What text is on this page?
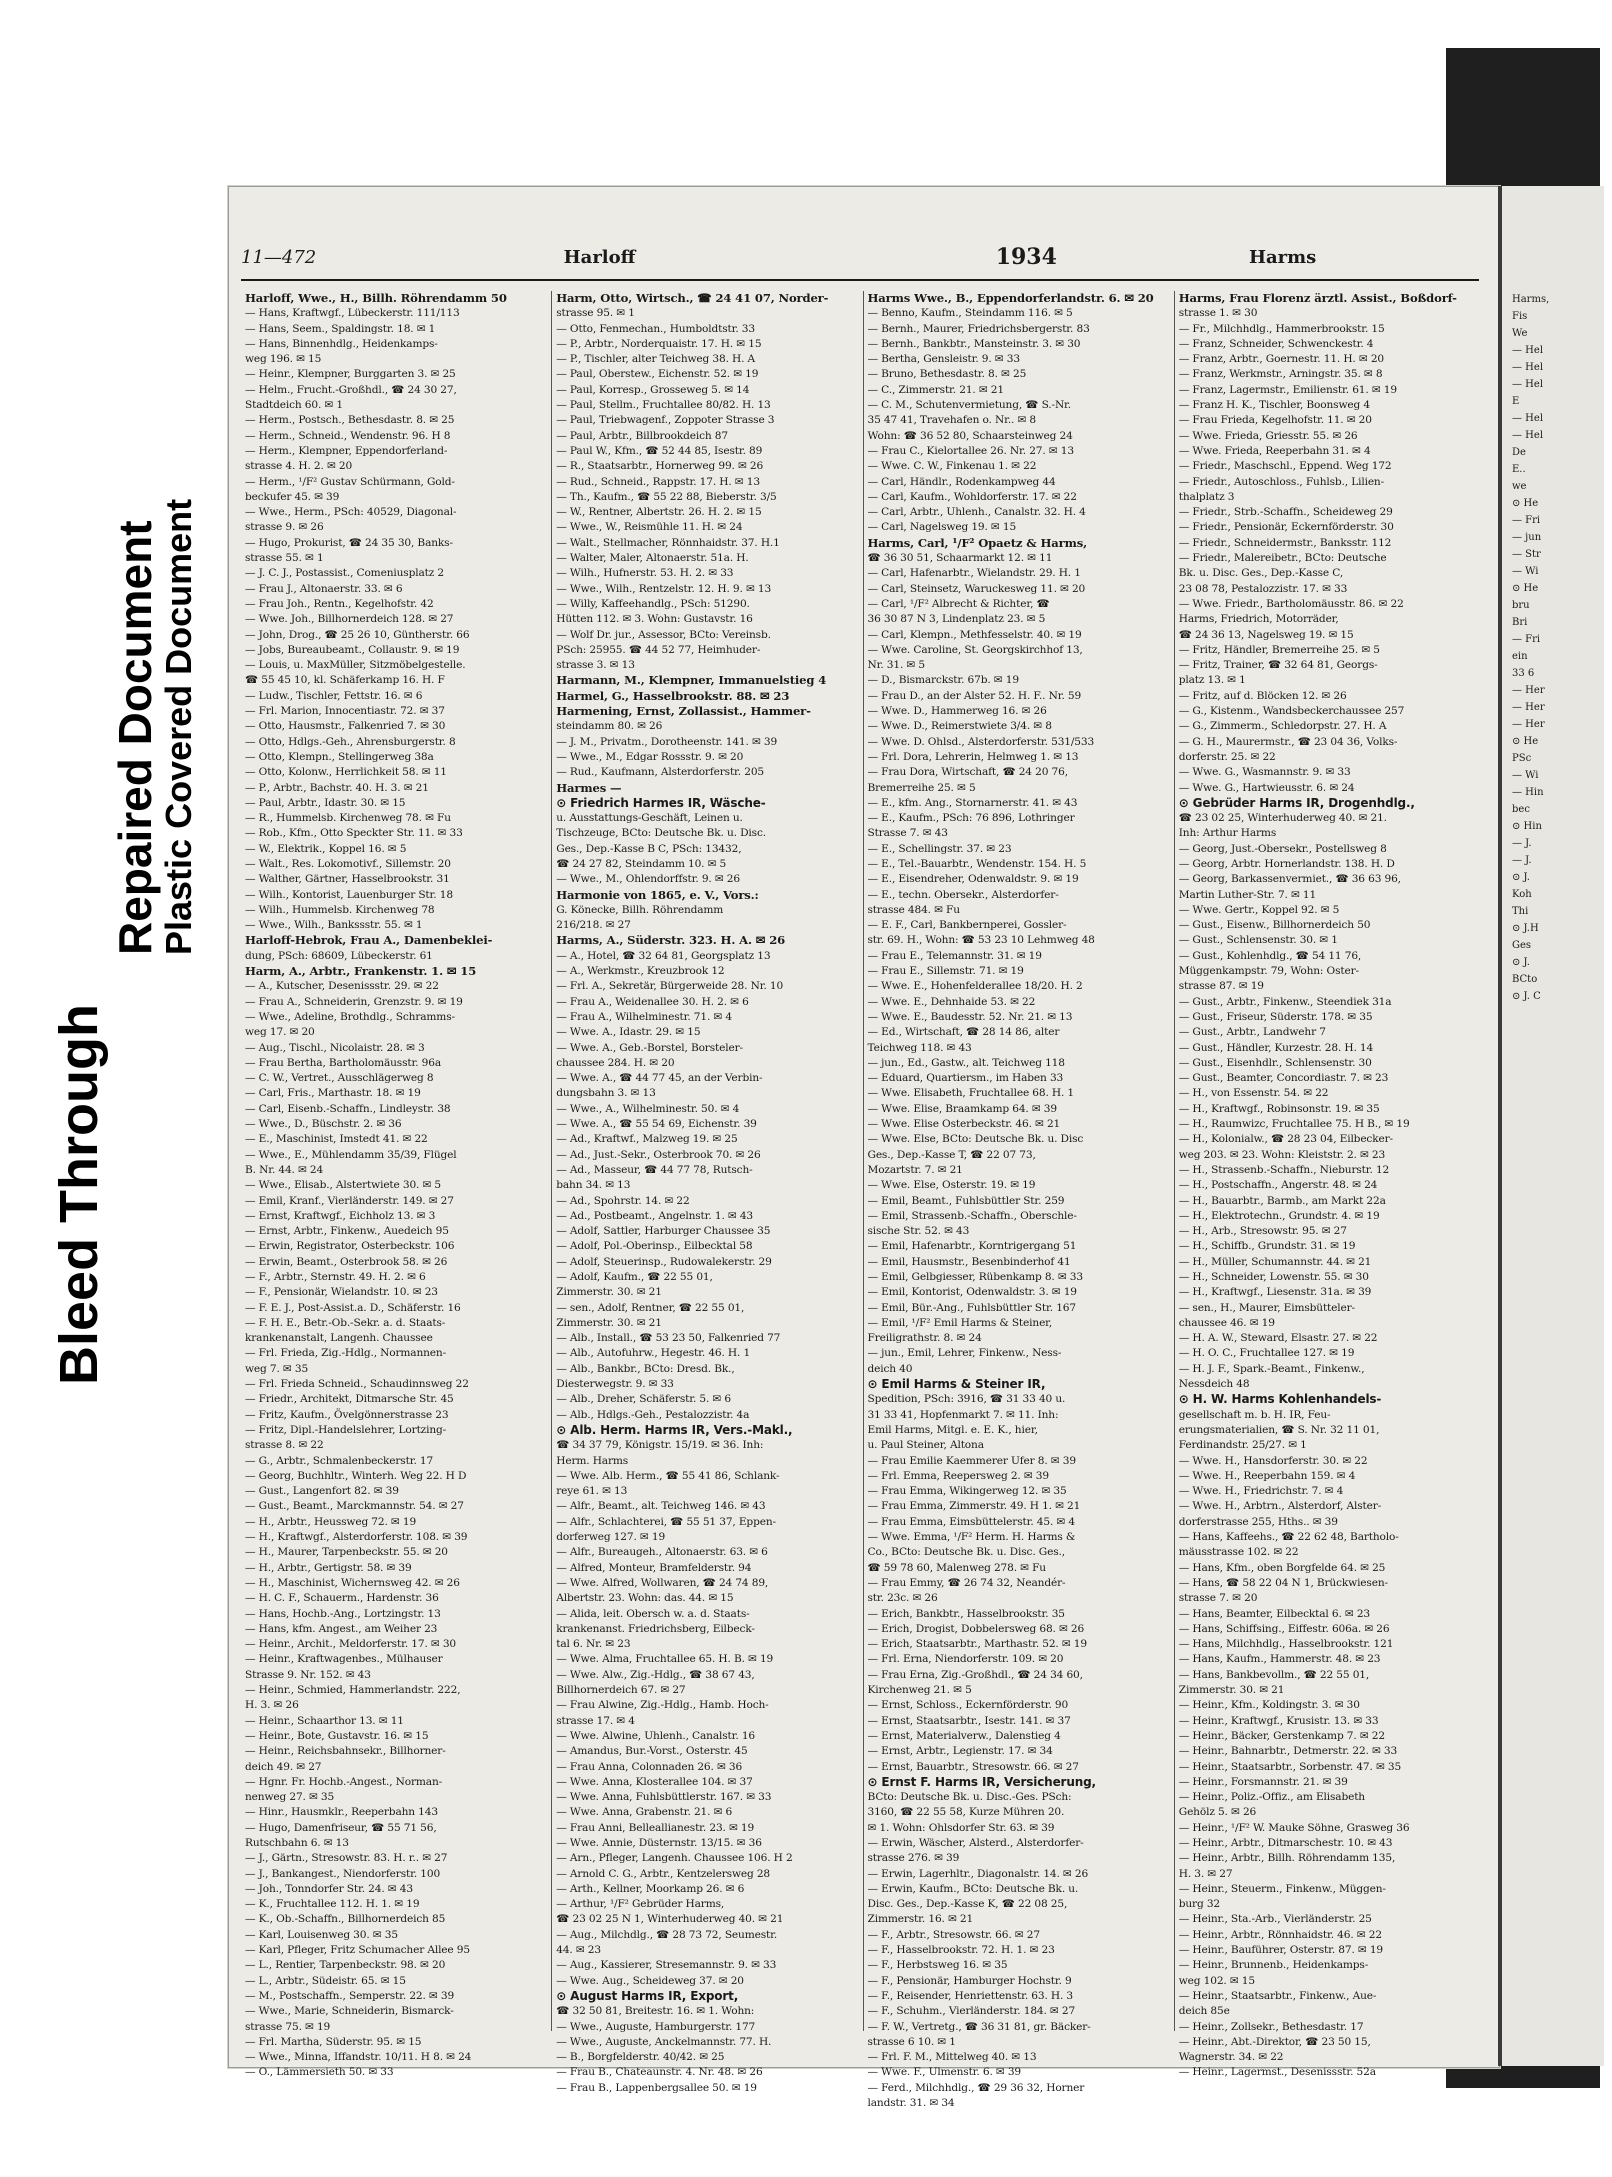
Bleed Through
Repaired Document
Plastic Covered Document
11—472	Harloff	1934	Harms
Harloff, Wwe., H., Billh. Röhrendamm 50
— Hans, Kraftwgf., Lübeckerstr. 111/113
— Hans, Seem., Spaldingstr. 18. ✉ 1
— Hans, Binnenhdlg., Heidenkamps-
weg 196. ✉ 15
— Heinr., Klempner, Burggarten 3. ✉ 25
— Helm., Frucht.-Großhdl., ☎ 24 30 27,
Stadtdeich 60. ✉ 1
— Herm., Postsch., Bethesdastr. 8. ✉ 25
— Herm., Schneid., Wendenstr. 96. H 8
— Herm., Klempner, Eppendorferland-
strasse 4. H. 2. ✉ 20
— Herm., ¹/F² Gustav Schürmann, Gold-
beckufer 45. ✉ 39
— Wwe., Herm., PSch: 40529, Diagonal-
strasse 9. ✉ 26
— Hugo, Prokurist, ☎ 24 35 30, Banks-
strasse 55. ✉ 1
— J. C. J., Postassist., Comeniusplatz 2
— Frau J., Altonaerstr. 33. ✉ 6
— Frau Joh., Rentn., Kegelhofstr. 42
— Wwe. Joh., Billhornerdeich 128. ✉ 27
— John, Drog., ☎ 25 26 10, Güntherstr. 66
— Jobs, Bureaubeamt., Collaustr. 9. ✉ 19
— Louis, u. MaxMüller, Sitzmöbelgestelle.
☎ 55 45 10, kl. Schäferkamp 16. H. F
— Ludw., Tischler, Fettstr. 16. ✉ 6
— Frl. Marion, Innocentiastr. 72. ✉ 37
— Otto, Hausmstr., Falkenried 7. ✉ 30
— Otto, Hdlgs.-Geh., Ahrensburgerstr. 8
— Otto, Klempn., Stellingerweg 38a
— Otto, Kolonw., Herrlichkeit 58. ✉ 11
— P., Arbtr., Bachstr. 40. H. 3. ✉ 21
— Paul, Arbtr., Idastr. 30. ✉ 15
— R., Hummelsb. Kirchenweg 78. ✉ Fu
— Rob., Kfm., Otto Speckter Str. 11. ✉ 33
— W., Elektrik., Koppel 16. ✉ 5
— Walt., Res. Lokomotivf., Sillemstr. 20
— Walther, Gärtner, Hasselbrookstr. 31
— Wilh., Kontorist, Lauenburger Str. 18
— Wilh., Hummelsb. Kirchenweg 78
— Wwe., Wilh., Bankssstr. 55. ✉ 1
Harloff-Hebrok, Frau A., Damenbeklei-
dung, PSch: 68609, Lübeckerstr. 61
Harm, A., Arbtr., Frankenstr. 1. ✉ 15
— A., Kutscher, Desenissstr. 29. ✉ 22
— Frau A., Schneiderin, Grenzstr. 9. ✉ 19
— Wwe., Adeline, Brothdlg., Schramms-
weg 17. ✉ 20
— Aug., Tischl., Nicolaistr. 28. ✉ 3
— Frau Bertha, Bartholomäusstr. 96a
— C. W., Vertret., Ausschlägerweg 8
— Carl, Fris., Marthastr. 18. ✉ 19
— Carl, Eisenb.-Schaffn., Lindleystr. 38
— Wwe., D., Büschstr. 2. ✉ 36
— E., Maschinist, Imstedt 41. ✉ 22
— Wwe., E., Mühlendamm 35/39, Flügel
B. Nr. 44. ✉ 24
— Wwe., Elisab., Alstertwiete 30. ✉ 5
— Emil, Kranf., Vierländerstr. 149. ✉ 27
— Ernst, Kraftwgf., Eichholz 13. ✉ 3
— Ernst, Arbtr., Finkenw., Auedeich 95
— Erwin, Registrator, Osterbeckstr. 106
— Erwin, Beamt., Osterbrook 58. ✉ 26
— F., Arbtr., Sternstr. 49. H. 2. ✉ 6
— F., Pensionär, Wielandstr. 10. ✉ 23
— F. E. J., Post-Assist.a. D., Schäferstr. 16
— F. H. E., Betr.-Ob.-Sekr. a. d. Staats-
krankenanstalt, Langenh. Chaussee
— Frl. Frieda, Zig.-Hdlg., Normannen-
weg 7. ✉ 35
— Frl. Frieda Schneid., Schaudinnsweg 22
— Friedr., Architekt, Ditmarsche Str. 45
— Fritz, Kaufm., Övelgönnerstrasse 23
— Fritz, Dipl.-Handelslehrer, Lortzing-
strasse 8. ✉ 22
— G., Arbtr., Schmalenbeckerstr. 17
— Georg, Buchhltr., Winterh. Weg 22. H D
— Gust., Langenfort 82. ✉ 39
— Gust., Beamt., Marckmannstr. 54. ✉ 27
— H., Arbtr., Heussweg 72. ✉ 19
— H., Kraftwgf., Alsterdorferstr. 108. ✉ 39
— H., Maurer, Tarpenbeckstr. 55. ✉ 20
— H., Arbtr., Gertigstr. 58. ✉ 39
— H., Maschinist, Wichernsweg 42. ✉ 26
— H. C. F., Schauerm., Hardenstr. 36
— Hans, Hochb.-Ang., Lortzingstr. 13
— Hans, kfm. Angest., am Weiher 23
— Heinr., Archit., Meldorferstr. 17. ✉ 30
— Heinr., Kraftwagenbes., Mülhauser
Strasse 9. Nr. 152. ✉ 43
— Heinr., Schmied, Hammerlandstr. 222,
H. 3. ✉ 26
— Heinr., Schaarthor 13. ✉ 11
— Heinr., Bote, Gustavstr. 16. ✉ 15
— Heinr., Reichsbahnsekr., Billhorner-
deich 49. ✉ 27
— Hgnr. Fr. Hochb.-Angest., Norman-
nenweg 27. ✉ 35
— Hinr., Hausmklr., Reeperbahn 143
— Hugo, Damenfriseur, ☎ 55 71 56,
Rutschbahn 6. ✉ 13
— J., Gärtn., Stresowstr. 83. H. r.. ✉ 27
— J., Bankangest., Niendorferstr. 100
— Joh., Tonndorfer Str. 24. ✉ 43
— K., Fruchtallee 112. H. 1. ✉ 19
— K., Ob.-Schaffn., Billhornerdeich 85
— Karl, Louisenweg 30. ✉ 35
— Karl, Pfleger, Fritz Schumacher Allee 95
— L., Rentier, Tarpenbeckstr. 98. ✉ 20
— L., Arbtr., Südeistr. 65. ✉ 15
— M., Postschaffn., Semperstr. 22. ✉ 39
— Wwe., Marie, Schneiderin, Bismarck-
strasse 75. ✉ 19
— Frl. Martha, Süderstr. 95. ✉ 15
— Wwe., Minna, Iffandstr. 10/11. H 8. ✉ 24
— O., Lämmersieth 50. ✉ 33
Harm, Otto, Wirtsch., ☎ 24 41 07, Norder-
strasse 95. ✉ 1
— Otto, Fenmechan., Humboldtstr. 33
— P., Arbtr., Norderquaistr. 17. H. ✉ 15
— P., Tischler, alter Teichweg 38. H. A
— Paul, Oberstew., Eichenstr. 52. ✉ 19
— Paul, Korresp., Grosseweg 5. ✉ 14
— Paul, Stellm., Fruchtallee 80/82. H. 13
— Paul, Triebwagenf., Zoppoter Strasse 3
— Paul, Arbtr., Billbrookdeich 87
— Paul W., Kfm., ☎ 52 44 85, Isestr. 89
— R., Staatsarbtr., Hornerweg 99. ✉ 26
— Rud., Schneid., Rappstr. 17. H. ✉ 13
— Th., Kaufm., ☎ 55 22 88, Bieberstr. 3/5
— W., Rentner, Albertstr. 26. H. 2. ✉ 15
— Wwe., W., Reismühle 11. H. ✉ 24
— Walt., Stellmacher, Rönnhaidstr. 37. H.1
— Walter, Maler, Altonaerstr. 51a. H.
— Wilh., Hufnerstr. 53. H. 2. ✉ 33
— Wwe., Wilh., Rentzelstr. 12. H. 9. ✉ 13
— Willy, Kaffeehandlg., PSch: 51290.
Hütten 112. ✉ 3. Wohn: Gustavstr. 16
— Wolf Dr. jur., Assessor, BCto: Vereinsb.
PSch: 25955. ☎ 44 52 77, Heimhuder-
strasse 3. ✉ 13
Harmann, M., Klempner, Immanuelstieg 4
Harmel, G., Hasselbrookstr. 88. ✉ 23
Harmening, Ernst, Zollassist., Hammer-
steindamm 80. ✉ 26
— J. M., Privatm., Dorotheenstr. 141. ✉ 39
— Wwe., M., Edgar Rossstr. 9. ✉ 20
— Rud., Kaufmann, Alsterdorferstr. 205
Harmes —
⊙ Friedrich Harmes IR, Wäsche-
u. Ausstattungs-Geschäft, Leinen u.
Tischzeuge, BCto: Deutsche Bk. u. Disc.
Ges., Dep.-Kasse B C, PSch: 13432,
☎ 24 27 82, Steindamm 10. ✉ 5
— Wwe., M., Ohlendorffstr. 9. ✉ 26
Harmonie von 1865, e. V., Vors.:
G. Könecke, Billh. Röhrendamm
216/218. ✉ 27
Harms, A., Süderstr. 323. H. A. ✉ 26
— A., Hotel, ☎ 32 64 81, Georgsplatz 13
— A., Werkmstr., Kreuzbrook 12
— Frl. A., Sekretär, Bürgerweide 28. Nr. 10
— Frau A., Weidenallee 30. H. 2. ✉ 6
— Frau A., Wilhelminestr. 71. ✉ 4
— Wwe. A., Idastr. 29. ✉ 15
— Wwe. A., Geb.-Borstel, Borsteler-
chaussee 284. H. ✉ 20
— Wwe. A., ☎ 44 77 45, an der Verbin-
dungsbahn 3. ✉ 13
— Wwe., A., Wilhelminestr. 50. ✉ 4
— Wwe. A., ☎ 55 54 69, Eichenstr. 39
— Ad., Kraftwf., Malzweg 19. ✉ 25
— Ad., Just.-Sekr., Osterbrook 70. ✉ 26
— Ad., Masseur, ☎ 44 77 78, Rutsch-
bahn 34. ✉ 13
— Ad., Spohrstr. 14. ✉ 22
— Ad., Postbeamt., Angelnstr. 1. ✉ 43
— Adolf, Sattler, Harburger Chaussee 35
— Adolf, Pol.-Oberinsp., Eilbecktal 58
— Adolf, Steuerinsp., Rudowalekerstr. 29
— Adolf, Kaufm., ☎ 22 55 01,
Zimmerstr. 30. ✉ 21
— sen., Adolf, Rentner, ☎ 22 55 01,
Zimmerstr. 30. ✉ 21
— Alb., Install., ☎ 53 23 50, Falkenried 77
— Alb., Autofuhrw., Hegestr. 46. H. 1
— Alb., Bankbr., BCto: Dresd. Bk.,
Diesterwegstr. 9. ✉ 33
— Alb., Dreher, Schäferstr. 5. ✉ 6
— Alb., Hdlgs.-Geh., Pestalozzistr. 4a
⊙ Alb. Herm. Harms IR, Vers.-Makl.,
☎ 34 37 79, Königstr. 15/19. ✉ 36. Inh:
Herm. Harms
— Wwe. Alb. Herm., ☎ 55 41 86, Schlank-
reye 61. ✉ 13
— Alfr., Beamt., alt. Teichweg 146. ✉ 43
— Alfr., Schlachterei, ☎ 55 51 37, Eppen-
dorferweg 127. ✉ 19
— Alfr., Bureaugeh., Altonaerstr. 63. ✉ 6
— Alfred, Monteur, Bramfelderstr. 94
— Wwe. Alfred, Wollwaren, ☎ 24 74 89,
Albertstr. 23. Wohn: das. 44. ✉ 15
— Alida, leit. Obersch w. a. d. Staats-
krankenanst. Friedrichsberg, Eilbeck-
tal 6. Nr. ✉ 23
— Wwe. Alma, Fruchtallee 65. H. B. ✉ 19
— Wwe. Alw., Zig.-Hdlg., ☎ 38 67 43,
Billhornerdeich 67. ✉ 27
— Frau Alwine, Zig.-Hdlg., Hamb. Hoch-
strasse 17. ✉ 4
— Wwe. Alwine, Uhlenh., Canalstr. 16
— Amandus, Bur.-Vorst., Osterstr. 45
— Frau Anna, Colonnaden 26. ✉ 36
— Wwe. Anna, Klosterallee 104. ✉ 37
— Wwe. Anna, Fuhlsbüttlerstr. 167. ✉ 33
— Wwe. Anna, Grabenstr. 21. ✉ 6
— Frau Anni, Belleallianestr. 23. ✉ 19
— Wwe. Annie, Düsternstr. 13/15. ✉ 36
— Arn., Pfleger, Langenh. Chaussee 106. H 2
— Arnold C. G., Arbtr., Kentzelersweg 28
— Arth., Kellner, Moorkamp 26. ✉ 6
— Arthur, ¹/F² Gebrüder Harms,
☎ 23 02 25 N 1, Winterhuderweg 40. ✉ 21
— Aug., Milchdlg., ☎ 28 73 72, Seumestr.
44. ✉ 23
— Aug., Kassierer, Stresemannstr. 9. ✉ 33
— Wwe. Aug., Scheideweg 37. ✉ 20
⊙ August Harms IR, Export,
☎ 32 50 81, Breitestr. 16. ✉ 1. Wohn:
— Wwe., Auguste, Hamburgerstr. 177
— Wwe., Auguste, Anckelmannstr. 77. H.
— B., Borgfelderstr. 40/42. ✉ 25
— Frau B., Chateaunstr. 4. Nr. 48. ✉ 26
— Frau B., Lappenbergsallee 50. ✉ 19
Harms Wwe., B., Eppendorferlandstr. 6. ✉ 20
— Benno, Kaufm., Steindamm 116. ✉ 5
— Bernh., Maurer, Friedrichsbergerstr. 83
— Bernh., Bankbtr., Mansteinstr. 3. ✉ 30
— Bertha, Gensleistr. 9. ✉ 33
— Bruno, Bethesdastr. 8. ✉ 25
— C., Zimmerstr. 21. ✉ 21
— C. M., Schutenvermietung, ☎ S.-Nr.
35 47 41, Travehafen o. Nr.. ✉ 8
Wohn: ☎ 36 52 80, Schaarsteinweg 24
— Frau C., Kielortallee 26. Nr. 27. ✉ 13
— Wwe. C. W., Finkenau 1. ✉ 22
— Carl, Händlr., Rodenkampweg 44
— Carl, Kaufm., Wohldorferstr. 17. ✉ 22
— Carl, Arbtr., Uhlenh., Canalstr. 32. H. 4
— Carl, Nagelsweg 19. ✉ 15
Harms, Carl, ¹/F² Opaetz & Harms,
☎ 36 30 51, Schaarmarkt 12. ✉ 11
— Carl, Hafenarbtr., Wielandstr. 29. H. 1
— Carl, Steinsetz, Waruckesweg 11. ✉ 20
— Carl, ¹/F² Albrecht & Richter, ☎
36 30 87 N 3, Lindenplatz 23. ✉ 5
— Carl, Klempn., Methfesselstr. 40. ✉ 19
— Wwe. Caroline, St. Georgskirchhof 13,
Nr. 31. ✉ 5
— D., Bismarckstr. 67b. ✉ 19
— Frau D., an der Alster 52. H. F.. Nr. 59
— Wwe. D., Hammerweg 16. ✉ 26
— Wwe. D., Reimerstwiete 3/4. ✉ 8
— Wwe. D. Ohlsd., Alsterdorferstr. 531/533
— Frl. Dora, Lehrerin, Helmweg 1. ✉ 13
— Frau Dora, Wirtschaft, ☎ 24 20 76,
Bremerreihe 25. ✉ 5
— E., kfm. Ang., Stornarnerstr. 41. ✉ 43
— E., Kaufm., PSch: 76 896, Lothringer
Strasse 7. ✉ 43
— E., Schellingstr. 37. ✉ 23
— E., Tel.-Bauarbtr., Wendenstr. 154. H. 5
— E., Eisendreher, Odenwaldstr. 9. ✉ 19
— E., techn. Obersekr., Alsterdorfer-
strasse 484. ✉ Fu
— E. F., Carl, Bankbernperei, Gossler-
str. 69. H., Wohn: ☎ 53 23 10 Lehmweg 48
— Frau E., Telemannstr. 31. ✉ 19
— Frau E., Sillemstr. 71. ✉ 19
— Wwe. E., Hohenfelderallee 18/20. H. 2
— Wwe. E., Dehnhaide 53. ✉ 22
— Wwe. E., Baudesstr. 52. Nr. 21. ✉ 13
— Ed., Wirtschaft, ☎ 28 14 86, alter
Teichweg 118. ✉ 43
— jun., Ed., Gastw., alt. Teichweg 118
— Eduard, Quartiersm., im Haben 33
— Wwe. Elisabeth, Fruchtallee 68. H. 1
— Wwe. Elise, Braamkamp 64. ✉ 39
— Wwe. Elise Osterbeckstr. 46. ✉ 21
— Wwe. Else, BCto: Deutsche Bk. u. Disc
Ges., Dep.-Kasse T, ☎ 22 07 73,
Mozartstr. 7. ✉ 21
— Wwe. Else, Osterstr. 19. ✉ 19
— Emil, Beamt., Fuhlsbüttler Str. 259
— Emil, Strassenb.-Schaffn., Oberschle-
sische Str. 52. ✉ 43
— Emil, Hafenarbtr., Korntrigergang 51
— Emil, Hausmstr., Besenbinderhof 41
— Emil, Gelbgiesser, Rübenkamp 8. ✉ 33
— Emil, Kontorist, Odenwaldstr. 3. ✉ 19
— Emil, Bür.-Ang., Fuhlsbüttler Str. 167
— Emil, ¹/F² Emil Harms & Steiner,
Freiligrathstr. 8. ✉ 24
— jun., Emil, Lehrer, Finkenw., Ness-
deich 40
⊙ Emil Harms & Steiner IR,
Spedition, PSch: 3916, ☎ 31 33 40 u.
31 33 41, Hopfenmarkt 7. ✉ 11. Inh:
Emil Harms, Mitgl. e. E. K., hier,
u. Paul Steiner, Altona
— Frau Emilie Kaemmerer Ufer 8. ✉ 39
— Frl. Emma, Reepersweg 2. ✉ 39
— Frau Emma, Wikingerweg 12. ✉ 35
— Frau Emma, Zimmerstr. 49. H 1. ✉ 21
— Frau Emma, Eimsbüttelerstr. 45. ✉ 4
— Wwe. Emma, ¹/F² Herm. H. Harms &
Co., BCto: Deutsche Bk. u. Disc. Ges.,
☎ 59 78 60, Malenweg 278. ✉ Fu
— Frau Emmy, ☎ 26 74 32, Neandér-
str. 23c. ✉ 26
— Erich, Bankbtr., Hasselbrookstr. 35
— Erich, Drogist, Dobbelersweg 68. ✉ 26
— Erich, Staatsarbtr., Marthastr. 52. ✉ 19
— Frl. Erna, Niendorferstr. 109. ✉ 20
— Frau Erna, Zig.-Großhdl., ☎ 24 34 60,
Kirchenweg 21. ✉ 5
— Ernst, Schloss., Eckernförderstr. 90
— Ernst, Staatsarbtr., Isestr. 141. ✉ 37
— Ernst, Materialverw., Dalenstieg 4
— Ernst, Arbtr., Legienstr. 17. ✉ 34
— Ernst, Bauarbtr., Stresowstr. 66. ✉ 27
⊙ Ernst F. Harms IR, Versicherung,
BCto: Deutsche Bk. u. Disc.-Ges. PSch:
3160, ☎ 22 55 58, Kurze Mühren 20.
✉ 1. Wohn: Ohlsdorfer Str. 63. ✉ 39
— Erwin, Wäscher, Alsterd., Alsterdorfer-
strasse 276. ✉ 39
— Erwin, Lagerhltr., Diagonalstr. 14. ✉ 26
— Erwin, Kaufm., BCto: Deutsche Bk. u.
Disc. Ges., Dep.-Kasse K, ☎ 22 08 25,
Zimmerstr. 16. ✉ 21
— F., Arbtr., Stresowstr. 66. ✉ 27
— F., Hasselbrookstr. 72. H. 1. ✉ 23
— F., Herbstsweg 16. ✉ 35
— F., Pensionär, Hamburger Hochstr. 9
— F., Reisender, Henriettenstr. 63. H. 3
— F., Schuhm., Vierländerstr. 184. ✉ 27
— F. W., Vertretg., ☎ 36 31 81, gr. Bäcker-
strasse 6 10. ✉ 1
— Frl. F. M., Mittelweg 40. ✉ 13
— Wwe. F., Ulmenstr. 6. ✉ 39
— Ferd., Milchhdlg., ☎ 29 36 32, Horner
landstr. 31. ✉ 34
Harms, Frau Florenz ärztl. Assist., Boßdorf-
strasse 1. ✉ 30
— Fr., Milchhdlg., Hammerbrookstr. 15
— Franz, Schneider, Schwenckestr. 4
— Franz, Arbtr., Goernestr. 11. H. ✉ 20
— Franz, Werkmstr., Arningstr. 35. ✉ 8
— Franz, Lagermstr., Emilienstr. 61. ✉ 19
— Franz H. K., Tischler, Boonsweg 4
— Frau Frieda, Kegelhofstr. 11. ✉ 20
— Wwe. Frieda, Griesstr. 55. ✉ 26
— Wwe. Frieda, Reeperbahn 31. ✉ 4
— Friedr., Maschschl., Eppend. Weg 172
— Friedr., Autoschloss., Fuhlsb., Lilien-
thalplatz 3
— Friedr., Strb.-Schaffn., Scheideweg 29
— Friedr., Pensionär, Eckernförderstr. 30
— Friedr., Schneidermstr., Banksstr. 112
— Friedr., Malereibetr., BCto: Deutsche
Bk. u. Disc. Ges., Dep.-Kasse C,
23 08 78, Pestalozzistr. 17. ✉ 33
— Wwe. Friedr., Bartholomäusstr. 86. ✉ 22
Harms, Friedrich, Motorräder,
☎ 24 36 13, Nagelsweg 19. ✉ 15
— Fritz, Händler, Bremerreihe 25. ✉ 5
— Fritz, Trainer, ☎ 32 64 81, Georgs-
platz 13. ✉ 1
— Fritz, auf d. Blöcken 12. ✉ 26
— G., Kistenm., Wandsbeckerchaussee 257
— G., Zimmerm., Schledorpstr. 27. H. A
— G. H., Maurermstr., ☎ 23 04 36, Volks-
dorferstr. 25. ✉ 22
— Wwe. G., Wasmannstr. 9. ✉ 33
— Wwe. G., Hartwieusstr. 6. ✉ 24
⊙ Gebrüder Harms IR, Drogenhdlg.,
☎ 23 02 25, Winterhuderweg 40. ✉ 21.
Inh: Arthur Harms
— Georg, Just.-Obersekr., Postellsweg 8
— Georg, Arbtr. Hornerlandstr. 138. H. D
— Georg, Barkassenvermiet., ☎ 36 63 96,
Martin Luther-Str. 7. ✉ 11
— Wwe. Gertr., Koppel 92. ✉ 5
— Gust., Eisenw., Billhornerdeich 50
— Gust., Schlensenstr. 30. ✉ 1
— Gust., Kohlenhdlg., ☎ 54 11 76,
Müggenkampstr. 79, Wohn: Oster-
strasse 87. ✉ 19
— Gust., Arbtr., Finkenw., Steendiek 31a
— Gust., Friseur, Süderstr. 178. ✉ 35
— Gust., Arbtr., Landwehr 7
— Gust., Händler, Kurzestr. 28. H. 14
— Gust., Eisenhdlr., Schlensenstr. 30
— Gust., Beamter, Concordiastr. 7. ✉ 23
— H., von Essenstr. 54. ✉ 22
— H., Kraftwgf., Robinsonstr. 19. ✉ 35
— H., Raumwizc, Fruchtallee 75. H B., ✉ 19
— H., Kolonialw., ☎ 28 23 04, Eilbecker-
weg 203. ✉ 23. Wohn: Kleiststr. 2. ✉ 23
— H., Strassenb.-Schaffn., Nieburstr. 12
— H., Postschaffn., Angerstr. 48. ✉ 24
— H., Bauarbtr., Barmb., am Markt 22a
— H., Elektrotechn., Grundstr. 4. ✉ 19
— H., Arb., Stresowstr. 95. ✉ 27
— H., Schiffb., Grundstr. 31. ✉ 19
— H., Müller, Schumannstr. 44. ✉ 21
— H., Schneider, Lowenstr. 55. ✉ 30
— H., Kraftwgf., Liesenstr. 31a. ✉ 39
— sen., H., Maurer, Eimsbütteler-
chaussee 46. ✉ 19
— H. A. W., Steward, Elsastr. 27. ✉ 22
— H. O. C., Fruchtallee 127. ✉ 19
— H. J. F., Spark.-Beamt., Finkenw.,
Nessdeich 48
⊙ H. W. Harms Kohlenhandels-
gesellschaft m. b. H. IR, Feu-
erungsmaterialien, ☎ S. Nr. 32 11 01,
Ferdinandstr. 25/27. ✉ 1
— Wwe. H., Hansdorferstr. 30. ✉ 22
— Wwe. H., Reeperbahn 159. ✉ 4
— Wwe. H., Friedrichstr. 7. ✉ 4
— Wwe. H., Arbtrn., Alsterdorf, Alster-
dorferstrasse 255, Hths.. ✉ 39
— Hans, Kaffeehs., ☎ 22 62 48, Bartholo-
mäusstrasse 102. ✉ 22
— Hans, Kfm., oben Borgfelde 64. ✉ 25
— Hans, ☎ 58 22 04 N 1, Brückwiesen-
strasse 7. ✉ 20
— Hans, Beamter, Eilbecktal 6. ✉ 23
— Hans, Schiffsing., Eiffestr. 606a. ✉ 26
— Hans, Milchhdlg., Hasselbrookstr. 121
— Hans, Kaufm., Hammerstr. 48. ✉ 23
— Hans, Bankbevollm., ☎ 22 55 01,
Zimmerstr. 30. ✉ 21
— Heinr., Kfm., Koldingstr. 3. ✉ 30
— Heinr., Kraftwgf., Krusistr. 13. ✉ 33
— Heinr., Bäcker, Gerstenkamp 7. ✉ 22
— Heinr., Bahnarbtr., Detmerstr. 22. ✉ 33
— Heinr., Staatsarbtr., Sorbenstr. 47. ✉ 35
— Heinr., Forsmannstr. 21. ✉ 39
— Heinr., Poliz.-Offiz., am Elisabeth
Gehölz 5. ✉ 26
— Heinr., ¹/F² W. Mauke Söhne, Grasweg 36
— Heinr., Arbtr., Ditmarschestr. 10. ✉ 43
— Heinr., Arbtr., Billh. Röhrendamm 135,
H. 3. ✉ 27
— Heinr., Steuerm., Finkenw., Müggen-
burg 32
— Heinr., Sta.-Arb., Vierländerstr. 25
— Heinr., Arbtr., Rönnhaidstr. 46. ✉ 22
— Heinr., Bauführer, Osterstr. 87. ✉ 19
— Heinr., Brunnenb., Heidenkamps-
weg 102. ✉ 15
— Heinr., Staatsarbtr., Finkenw., Aue-
deich 85e
— Heinr., Zollsekr., Bethesdastr. 17
— Heinr., Abt.-Direktor, ☎ 23 50 15,
Wagnerstr. 34. ✉ 22
— Heinr., Lagermst., Desenissstr. 52a
Harms,
Fis
We
— Hel
— Hel
— Hel
E
— Hel
— Hel
De
E..
we
⊙ He
— Fri
— jun
— Str
— Wi
⊙ He
bru
Bri
— Fri
ein
33 6
— Her
— Her
— Her
⊙ He
PSc
— Wi
— Hin
bec
⊙ Hin
— J.
— J.
⊙ J.
Koh
Thi
⊙ J.H
Ges
⊙ J.
BCto
⊙ J. C
